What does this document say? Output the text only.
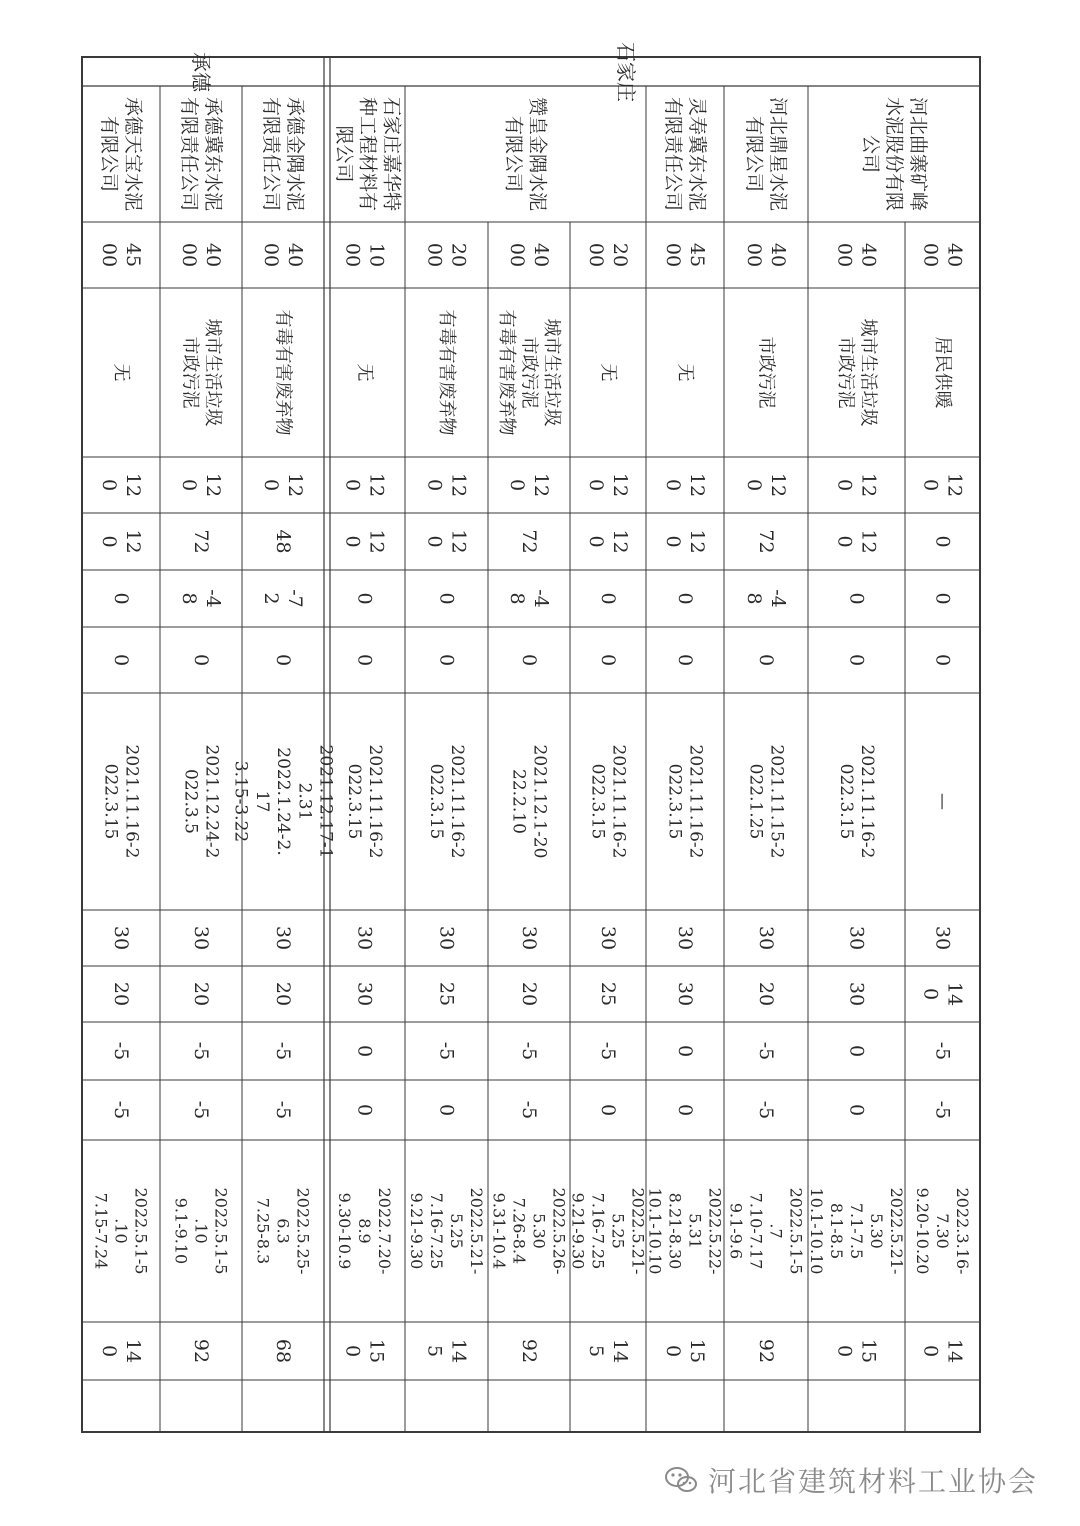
石家庄
承德
河北曲寨矿峰
水泥股份有限
公司
河北鼎星水泥
有限公司
灵寿冀东水泥
有限责任公司
赞皇金隅水泥
有限公司
石家庄嘉华特
种工程材料有
限公司
承德金隅水泥
有限责任公司
承德冀东水泥
有限责任公司
承德天宝水泥
有限公司
40
00
居民供暖
12
0
0
0
0
—
30
14
0
-5
-5
2022.3.16-
7.30
9.20-10.20
14
0
40
00
城市生活垃圾
市政污泥
12
0
12
0
0
0
2021.11.16-2
022.3.15
30
30
0
0
2022.5.21-
5.30
7.1-7.5
8.1-8.5
10.1-10.10
15
0
40
00
市政污泥
12
0
72
-4
8
0
2021.11.15-2
022.1.25
30
20
-5
-5
2022.5.1-5
.7
7.10-7.17
9.1-9.6
92
45
00
无
12
0
12
0
0
0
2021.11.16-2
022.3.15
30
30
0
0
2022.5.22-
5.31
8.21-8.30
10.1-10.10
15
0
20
00
无
12
0
12
0
0
0
2021.11.16-2
022.3.15
30
25
-5
0
2022.5.21-
5.25
7.16-7.25
9.21-9.30
14
5
40
00
城市生活垃圾
市政污泥
有毒有害废弃物
12
0
72
-4
8
0
2021.12.1-20
22.2.10
30
20
-5
-5
2022.5.26-
5.30
7.26-8.4
9.31-10.4
92
20
00
有毒有害废弃物
12
0
12
0
0
0
2021.11.16-2
022.3.15
30
25
-5
0
2022.5.21-
5.25
7.16-7.25
9.21-9.30
14
5
10
00
无
12
0
12
0
0
0
2021.11.16-2
022.3.15
30
30
0
0
2022.7.20-
8.9
9.30-10.9
15
0
40
00
有毒有害废弃物
12
0
48
-7
2
0
2021.12.17-1
2.31
2022.1.24-2.
17
3.15-3.22
30
20
-5
-5
2022.5.25-
6.3
7.25-8.3
68
40
00
城市生活垃圾
市政污泥
12
0
72
-4
8
0
2021.12.24-2
022.3.5
30
20
-5
-5
2022.5.1-5
.10
9.1-9.10
92
45
00
无
12
0
12
0
0
0
2021.11.16-2
022.3.15
30
20
-5
-5
2022.5.1-5
.10
7.15-7.24
14
0
河北省建筑材料工业协会
